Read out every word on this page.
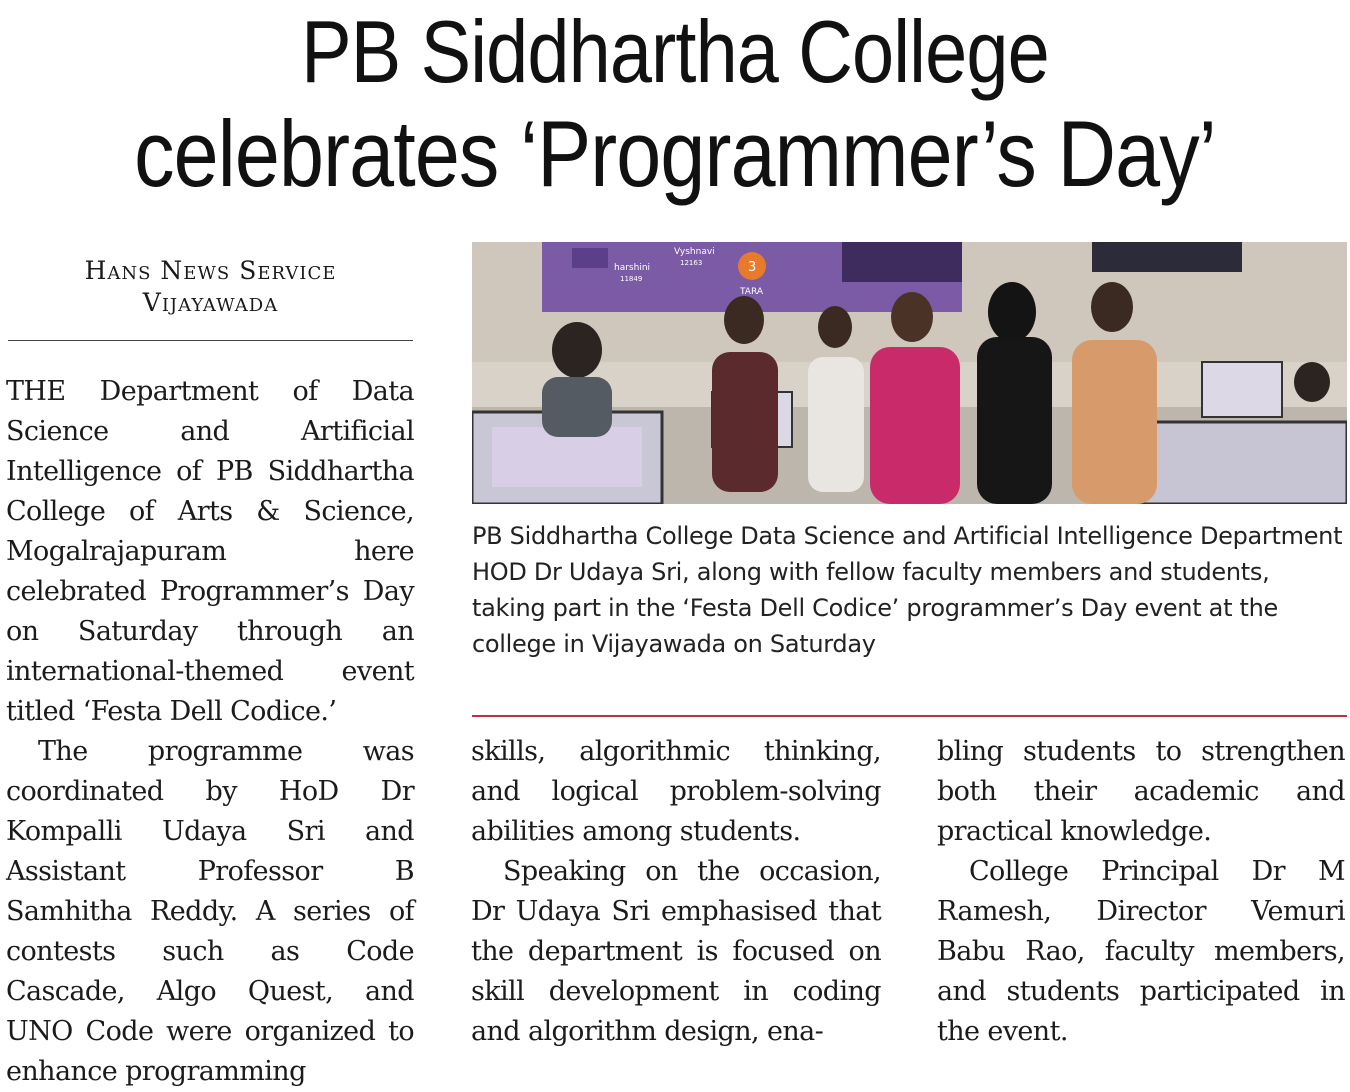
PB Siddhartha College
celebrates ‘Programmer’s Day’
Hans News Service
Vijayawada

THE Department of Data Science and Artificial Intelligence of PB Siddhartha College of Arts & Science, Mogalrajapuram here celebrated Programmer’s Day on Saturday through an international-themed event titled ‘Festa Dell Codice.’

The programme was coordinated by HoD Dr Kompalli Udaya Sri and Assistant Professor B Samhitha Reddy. A series of contests such as Code Cascade, Algo Quest, and UNO Code were organized to enhance programming

3
harshini
11849
Vyshnavi
12163
TARA
PB Siddhartha College Data Science and Artificial Intelligence Department HOD Dr Udaya Sri, along with fellow faculty members and students, taking part in the ‘Festa Dell Codice’ programmer’s Day event at the college in Vijayawada on Saturday

skills, algorithmic thinking, and logical problem-solving abilities among students.

Speaking on the occasion, Dr Udaya Sri emphasised that the department is focused on skill development in coding and algorithm design, ena-

bling students to strengthen both their academic and practical knowledge.

College Principal Dr M Ramesh, Director Vemuri Babu Rao, faculty members, and students participated in the event.
